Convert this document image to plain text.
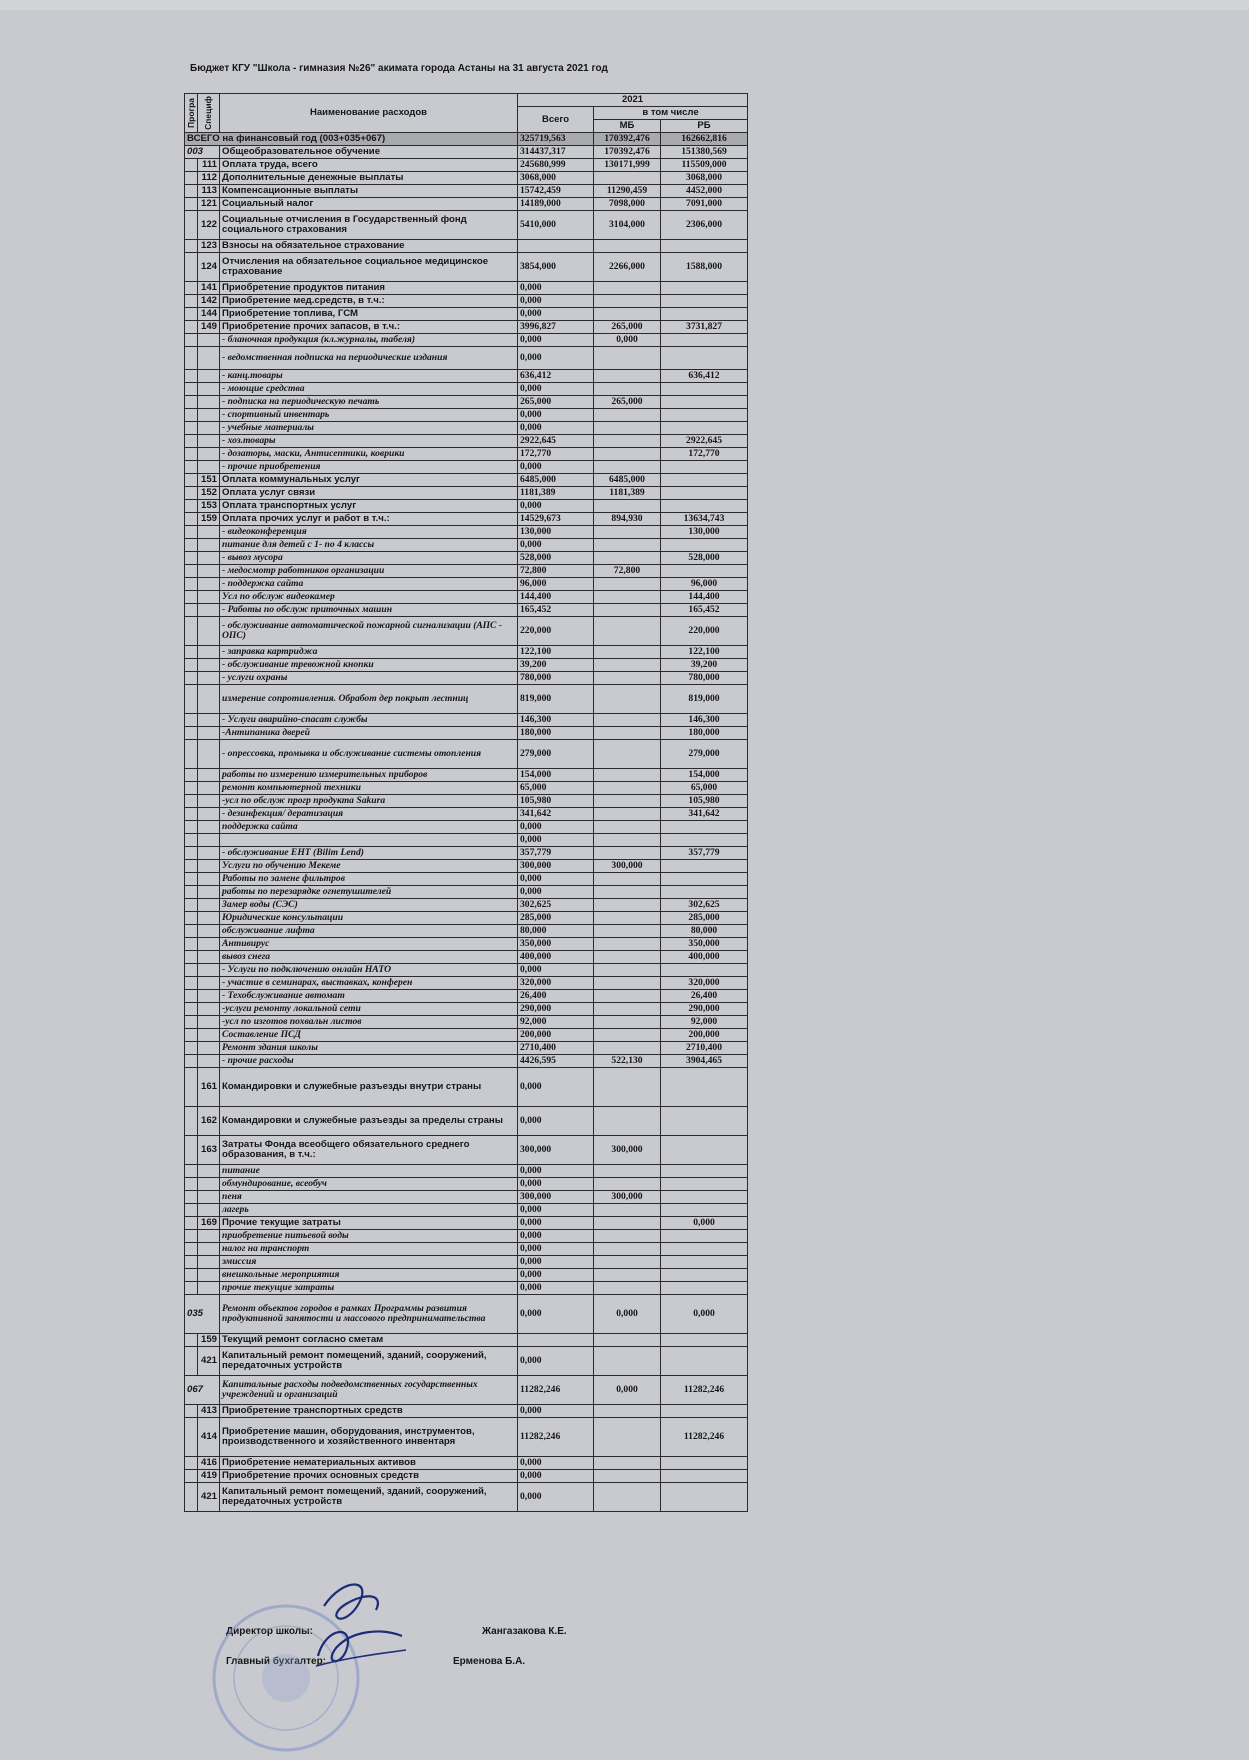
Бюджет КГУ "Школа - гимназия №26" акимата города Астаны на 31 августа 2021 год
Програ	Специф	Наименование расходов	2021		
			Всего	в том числе	
				МБ	РБ
ВСЕГО на финансовый год (003+035+067)			325719,563	170392,476	162662,816
003		Общеобразовательное обучение	314437,317	170392,476	151380,569
	111	Оплата труда, всего	245680,999	130171,999	115509,000
	112	Дополнительные денежные выплаты	3068,000		3068,000
	113	Компенсационные выплаты	15742,459	11290,459	4452,000
	121	Социальный налог	14189,000	7098,000	7091,000
	122	Социальные отчисления в Государственный фонд социального страхования	5410,000	3104,000	2306,000
	123	Взносы на обязательное страхование			
	124	Отчисления на обязательное социальное медицинское страхование	3854,000	2266,000	1588,000
	141	Приобретение продуктов питания	0,000		
	142	Приобретение мед.средств, в т.ч.:	0,000		
	144	Приобретение топлива, ГСМ	0,000		
	149	Приобретение прочих запасов, в т.ч.:	3996,827	265,000	3731,827
		- бланочная продукция (кл.журналы, табеля)	0,000	0,000	
		- ведомственная подписка на периодические издания	0,000		
		- канц.товары	636,412		636,412
		- моющие средства	0,000		
		- подписка на периодическую печать	265,000	265,000	
		- спортивный инвентарь	0,000		
		- учебные материалы	0,000		
		- хоз.товары	2922,645		2922,645
		- дозаторы, маски, Антисептики, коврики	172,770		172,770
		- прочие приобретения	0,000		
	151	Оплата коммунальных услуг	6485,000	6485,000	
	152	Оплата услуг связи	1181,389	1181,389	
	153	Оплата транспортных услуг	0,000		
	159	Оплата прочих услуг и работ в т.ч.:	14529,673	894,930	13634,743
		- видеоконференция	130,000		130,000
		питание для детей с 1- по 4 классы	0,000		
		- вывоз мусора	528,000		528,000
		- медосмотр работников организации	72,800	72,800	
		- поддержка сайта	96,000		96,000
		Усл по обслуж видеокамер	144,400		144,400
		- Работы по обслуж приточных машин	165,452		165,452
		- обслуживание автоматической пожарной сигнализации (АПС - ОПС)	220,000		220,000
		- заправка картриджа	122,100		122,100
		- обслуживание тревожной кнопки	39,200		39,200
		- услуги охраны	780,000		780,000
		измерение сопротивления. Обработ дер покрыт лестниц	819,000		819,000
		- Услуги аварийно-спасат службы	146,300		146,300
		-Антипаника дверей	180,000		180,000
		- опрессовка, промывка и обслуживание системы отопления	279,000		279,000
		работы по измерению измерительных приборов	154,000		154,000
		ремонт компьютерной техники	65,000		65,000
		-усл по обслуж прогр продукта Sakura	105,980		105,980
		- дезинфекция/ дератизация	341,642		341,642
		поддержка сайта	0,000		
			0,000		
		- обслуживание ЕНТ (Bilim Lend)	357,779		357,779
		Услуги по обучению Мекеме	300,000	300,000	
		Работы по замене фильтров	0,000		
		работы по перезарядке огнетушителей	0,000		
		Замер воды (СЭС)	302,625		302,625
		Юридические консультации	285,000		285,000
		обслуживание лифта	80,000		80,000
		Антивирус	350,000		350,000
		вывоз снега	400,000		400,000
		- Услуги по подключению онлайн НАТО	0,000		
		- участие в семинарах, выставках, конферен	320,000		320,000
		- Техобслуживание автомат	26,400		26,400
		-услуги ремонту локальной сети	290,000		290,000
		-усл по изготов похвальн листов	92,000		92,000
		Составление ПСД	200,000		200,000
		Ремонт здания школы	2710,400		2710,400
		- прочие расходы	4426,595	522,130	3904,465
	161	Командировки и служебные разъезды внутри страны	0,000		
	162	Командировки и служебные разъезды за пределы страны	0,000		
	163	Затраты Фонда всеобщего обязательного среднего образования, в т.ч.:	300,000	300,000	
		питание	0,000		
		обмундирование, всеобуч	0,000		
		пеня	300,000	300,000	
		лагерь	0,000		
	169	Прочие текущие затраты	0,000		0,000
		приобретение питьевой воды	0,000		
		налог на транспорт	0,000		
		эмиссия	0,000		
		внешкольные мероприятия	0,000		
		прочие текущие затраты	0,000		
035		Ремонт объектов городов в рамках Программы развития продуктивной занятости и массового предпринимательства	0,000	0,000	0,000
	159	Текущий ремонт согласно сметам			
	421	Капитальный ремонт помещений, зданий, сооружений, передаточных устройств	0,000		
067		Капитальные расходы подведомственных государственных учреждений и организаций	11282,246	0,000	11282,246
	413	Приобретение транспортных средств	0,000		
	414	Приобретение машин, оборудования, инструментов, производственного и хозяйственного инвентаря	11282,246		11282,246
	416	Приобретение нематериальных активов	0,000		
	419	Приобретение прочих основных средств	0,000		
	421	Капитальный ремонт помещений, зданий, сооружений, передаточных устройств	0,000		
Директор школы:	Жангазакова К.Е.
Главный бухгалтер:	Ерменова Б.А.
